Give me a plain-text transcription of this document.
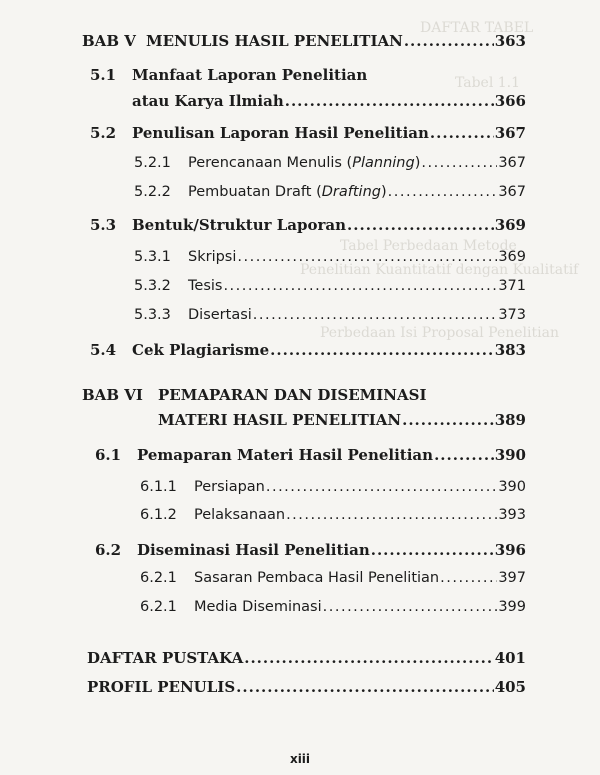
DAFTAR TABEL
Tabel 1.1
Tabel Perbedaan Metode
Penelitian Kuantitatif dengan Kualitatif
Perbedaan Isi Proposal Penelitian
BAB V MENULIS HASIL PENELITIAN .....	363
5.1 Manfaat Laporan Penelitian
atau Karya Ilmiah .....	366
5.2	Penulisan Laporan Hasil Penelitian .....	367
5.2.1	Perencanaan Menulis (Planning) .....	367
5.2.2	Pembuatan Draft (Drafting) .....	367
5.3	Bentuk/Struktur Laporan .....	369
5.3.1	Skripsi .....	369
5.3.2	Tesis .....	371
5.3.3	Disertasi .....	373
5.4	Cek Plagiarisme .....	383
BAB VI PEMAPARAN DAN DISEMINASI
MATERI HASIL PENELITIAN .....	389
6.1	Pemaparan Materi Hasil Penelitian .....	390
6.1.1	Persiapan .....	390
6.1.2	Pelaksanaan .....	393
6.2	Diseminasi Hasil Penelitian .....	396
6.2.1	Sasaran Pembaca Hasil Penelitian .....	397
6.2.1	Media Diseminasi .....	399
DAFTAR PUSTAKA .....	401
PROFIL PENULIS .....	405
xiii
